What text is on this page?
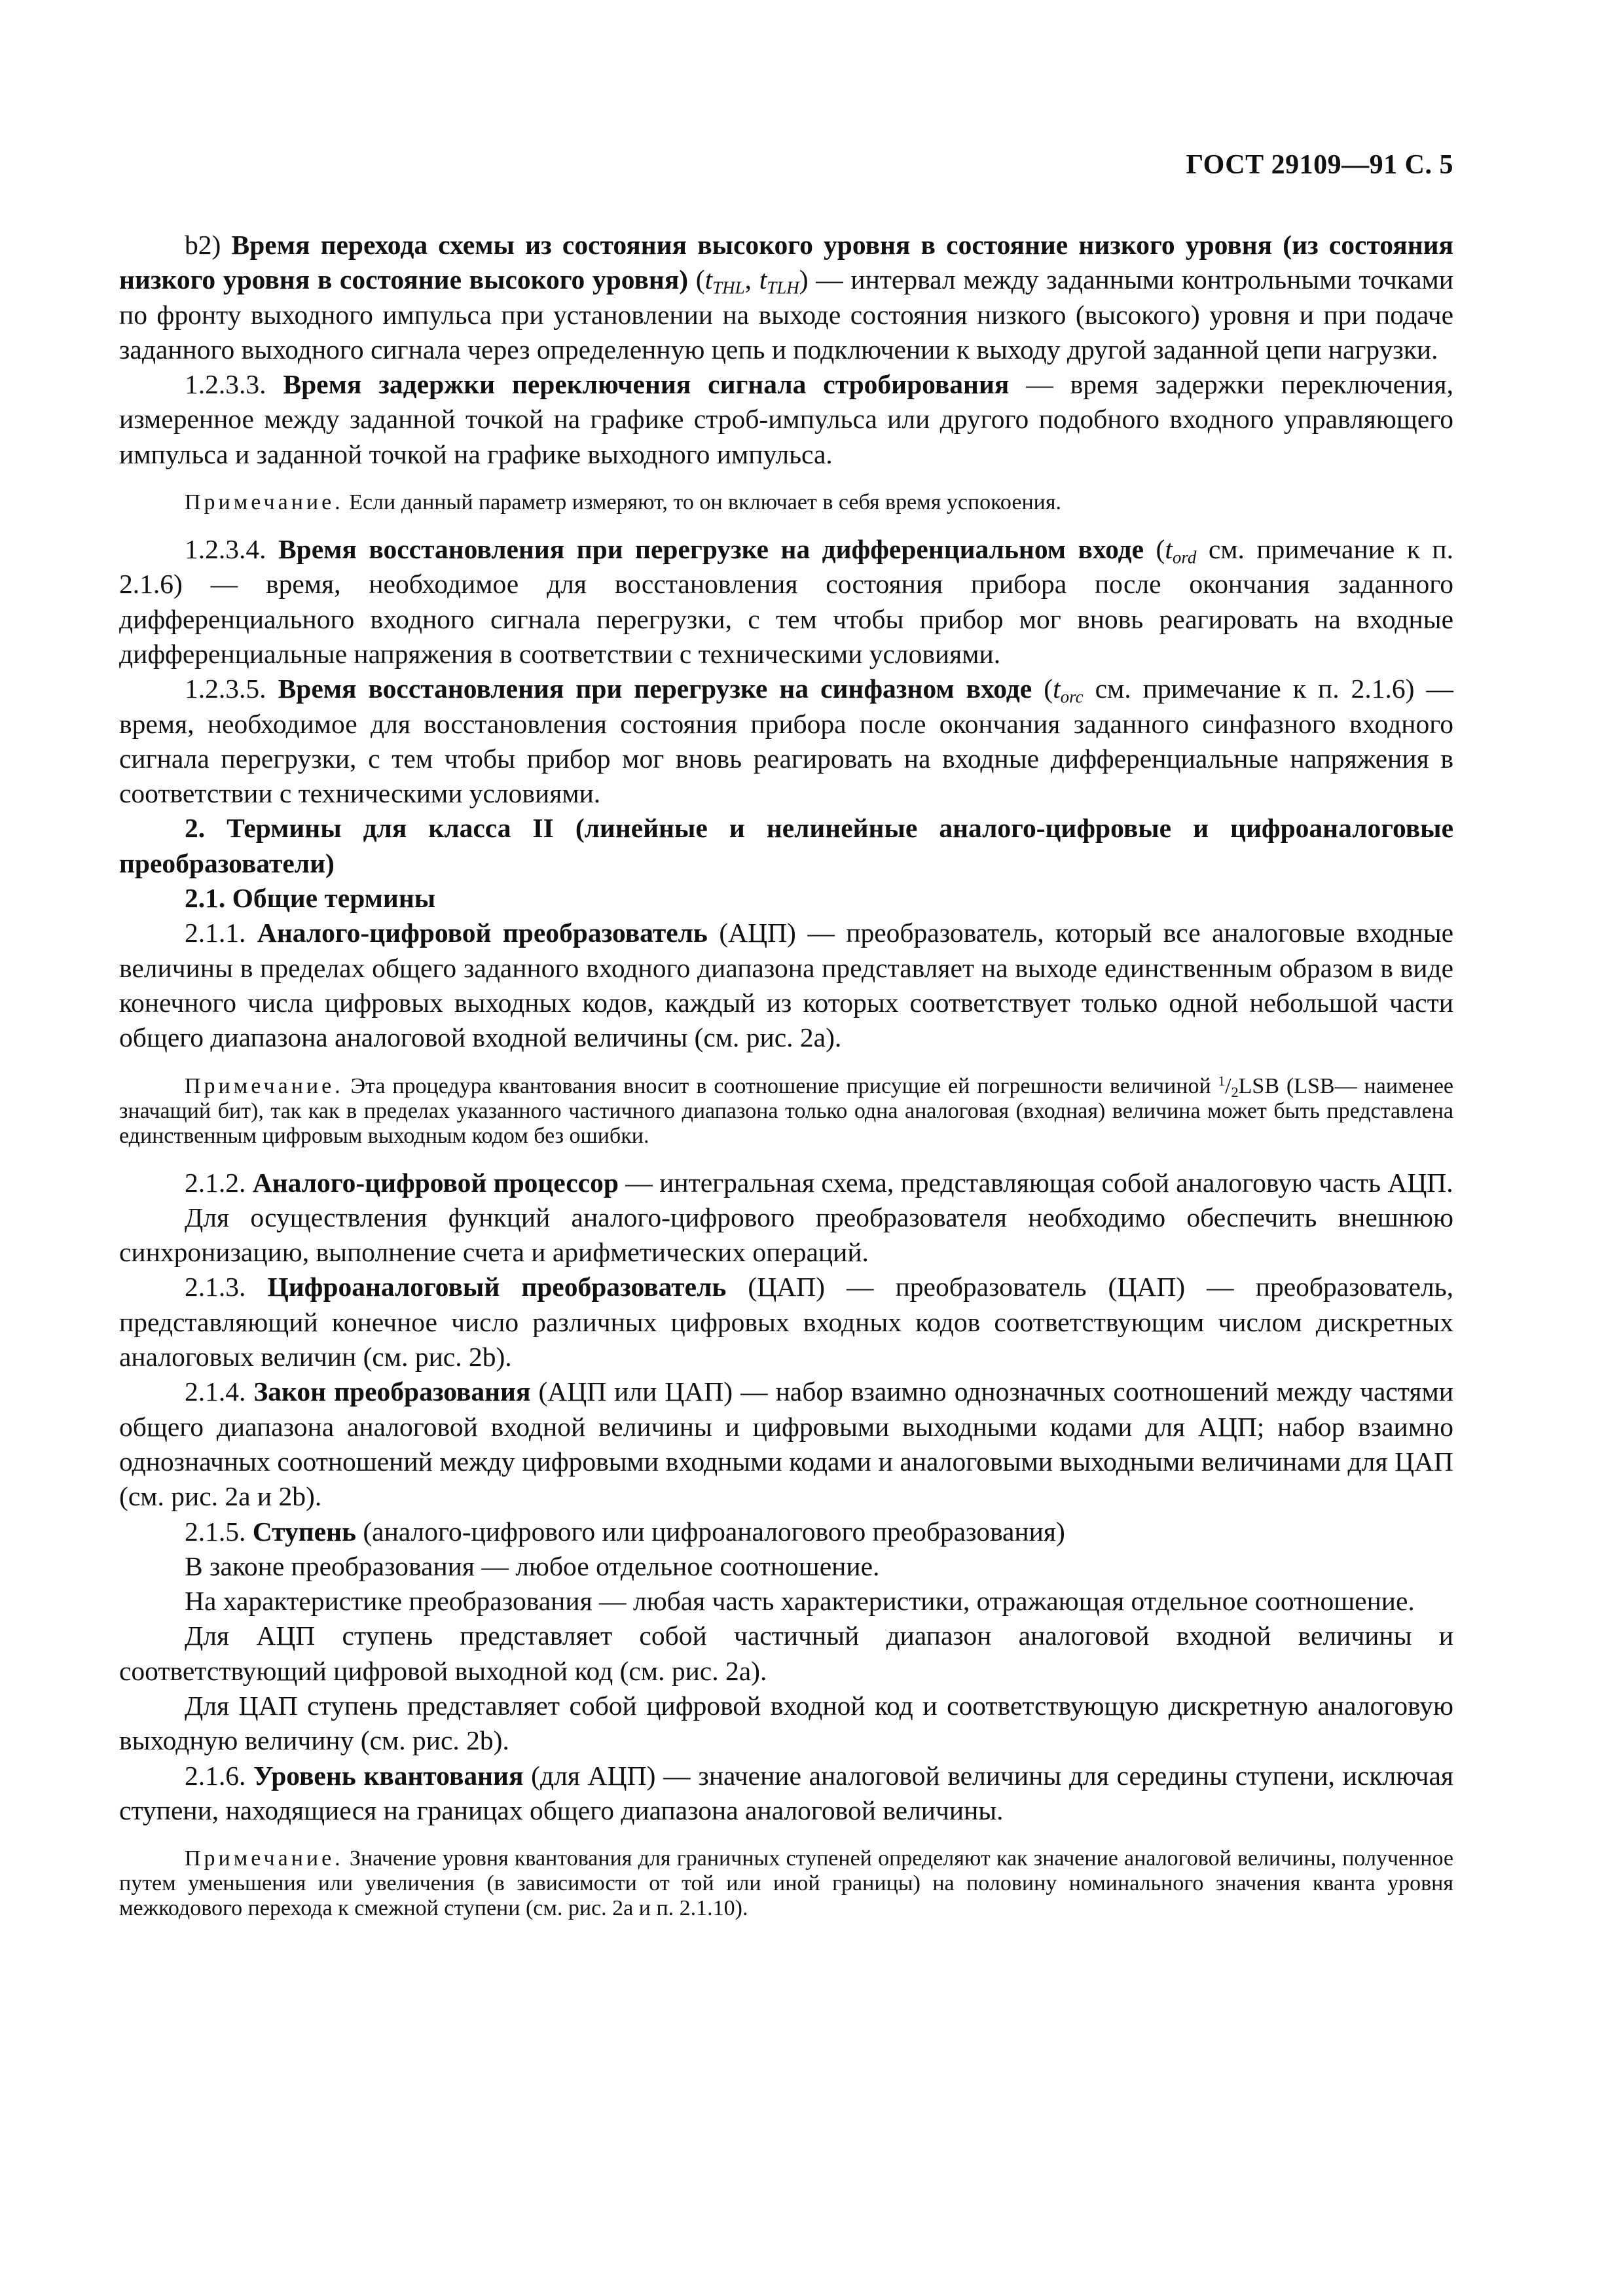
ГОСТ 29109—91 С. 5

b2) Время перехода схемы из состояния высокого уровня в состояние низкого уровня (из состояния низкого уровня в состояние высокого уровня) ($t_{THL}$, $t_{TLH}$) — интервал между заданными контрольными точками по фронту выходного импульса при установлении на выходе состояния низкого (высокого) уровня и при подаче заданного выходного сигнала через определенную цепь и подключении к выходу другой заданной цепи нагрузки.

1.2.3.3. Время задержки переключения сигнала стробирования — время задержки переключения, измеренное между заданной точкой на графике строб-импульса или другого подобного входного управляющего импульса и заданной точкой на графике выходного импульса.

Примечание. Если данный параметр измеряют, то он включает в себя время успокоения.

1.2.3.4. Время восстановления при перегрузке на дифференциальном входе ($t_{ord}$ см. примечание к п. 2.1.6) — время, необходимое для восстановления состояния прибора после окончания заданного дифференциального входного сигнала перегрузки, с тем чтобы прибор мог вновь реагировать на входные дифференциальные напряжения в соответствии с техническими условиями.

1.2.3.5. Время восстановления при перегрузке на синфазном входе ($t_{orc}$ см. примечание к п. 2.1.6) — время, необходимое для восстановления состояния прибора после окончания заданного синфазного входного сигнала перегрузки, с тем чтобы прибор мог вновь реагировать на входные дифференциальные напряжения в соответствии с техническими условиями.

2. Термины для класса II (линейные и нелинейные аналого-цифровые и цифроаналоговые преобразователи)

2.1. Общие термины

2.1.1. Аналого-цифровой преобразователь (АЦП) — преобразователь, который все аналоговые входные величины в пределах общего заданного входного диапазона представляет на выходе единственным образом в виде конечного числа цифровых выходных кодов, каждый из которых соответствует только одной небольшой части общего диапазона аналоговой входной величины (см. рис. 2а).

Примечание. Эта процедура квантования вносит в соотношение присущие ей погрешности величиной $^1/_2LSB$ (LSB— наименее значащий бит), так как в пределах указанного частичного диапазона только одна аналоговая (входная) величина может быть представлена единственным цифровым выходным кодом без ошибки.

2.1.2. Аналого-цифровой процессор — интегральная схема, представляющая собой аналоговую часть АЦП.

Для осуществления функций аналого-цифрового преобразователя необходимо обеспечить внешнюю синхронизацию, выполнение счета и арифметических операций.

2.1.3. Цифроаналоговый преобразователь (ЦАП) — преобразователь (ЦАП) — преобразователь, представляющий конечное число различных цифровых входных кодов соответствующим числом дискретных аналоговых величин (см. рис. 2b).

2.1.4. Закон преобразования (АЦП или ЦАП) — набор взаимно однозначных соотношений между частями общего диапазона аналоговой входной величины и цифровыми выходными кодами для АЦП; набор взаимно однозначных соотношений между цифровыми входными кодами и аналоговыми выходными величинами для ЦАП (см. рис. 2а и 2b).

2.1.5. Ступень (аналого-цифрового или цифроаналогового преобразования)

В законе преобразования — любое отдельное соотношение.

На характеристике преобразования — любая часть характеристики, отражающая отдельное соотношение.

Для АЦП ступень представляет собой частичный диапазон аналоговой входной величины и соответствующий цифровой выходной код (см. рис. 2а).

Для ЦАП ступень представляет собой цифровой входной код и соответствующую дискретную аналоговую выходную величину (см. рис. 2b).

2.1.6. Уровень квантования (для АЦП) — значение аналоговой величины для середины ступени, исключая ступени, находящиеся на границах общего диапазона аналоговой величины.

Примечание. Значение уровня квантования для граничных ступеней определяют как значение аналоговой величины, полученное путем уменьшения или увеличения (в зависимости от той или иной границы) на половину номинального значения кванта уровня межкодового перехода к смежной ступени (см. рис. 2а и п. 2.1.10).
